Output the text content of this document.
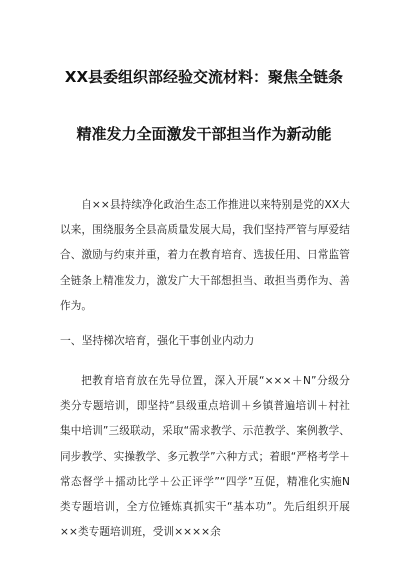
XX县委组织部经验交流材料：聚焦全链条
精准发力全面激发干部担当作为新动能

自××县持续净化政治生态工作推进以来特别是党的XX大以来，围绕服务全县高质量发展大局，我们坚持严管与厚爱结合、激励与约束并重，着力在教育培育、选拔任用、日常监管全链条上精准发力，激发广大干部想担当、敢担当勇作为、善作为。

一、坚持梯次培育，强化干事创业内动力

把教育培育放在先导位置，深入开展“×××＋N”分级分类分专题培训，即坚持“县级重点培训＋乡镇普遍培训＋村社集中培训”三级联动，采取“需求教学、示范教学、案例教学、同步教学、实操教学、多元教学”六种方式；着眼“严格考学＋常态督学＋擂动比学＋公正评学”“四学”互促，精准化实施N类专题培训，全方位锤炼真抓实干“基本功”。先后组织开展××类专题培训班，受训××××余
